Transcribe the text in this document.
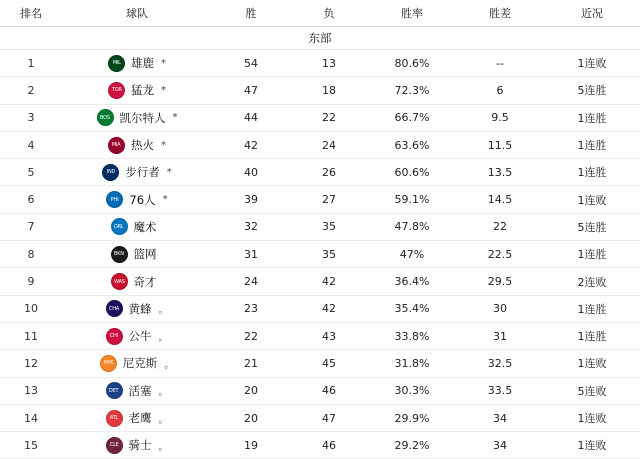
排名	球队	胜	负	胜率	胜差	近况
东部						
1	MIL 雄鹿 *	54	13	80.6%	--	1连败
2	TOR 猛龙 *	47	18	72.3%	6	5连胜
3	BOS 凯尔特人 *	44	22	66.7%	9.5	1连胜
4	MIA 热火 *	42	24	63.6%	11.5	1连胜
5	IND 步行者 *	40	26	60.6%	13.5	1连胜
6	PHI 76人 *	39	27	59.1%	14.5	1连败
7	ORL 魔术	32	35	47.8%	22	5连胜
8	BKN 篮网	31	35	47%	22.5	1连胜
9	WAS 奇才	24	42	36.4%	29.5	2连败
10	CHA 黄蜂 。	23	42	35.4%	30	1连胜
11	CHI 公牛 。	22	43	33.8%	31	1连胜
12	NYK 尼克斯 。	21	45	31.8%	32.5	1连败
13	DET 活塞 。	20	46	30.3%	33.5	5连败
14	ATL 老鹰 。	20	47	29.9%	34	1连败
15	CLE 骑士 。	19	46	29.2%	34	1连败
